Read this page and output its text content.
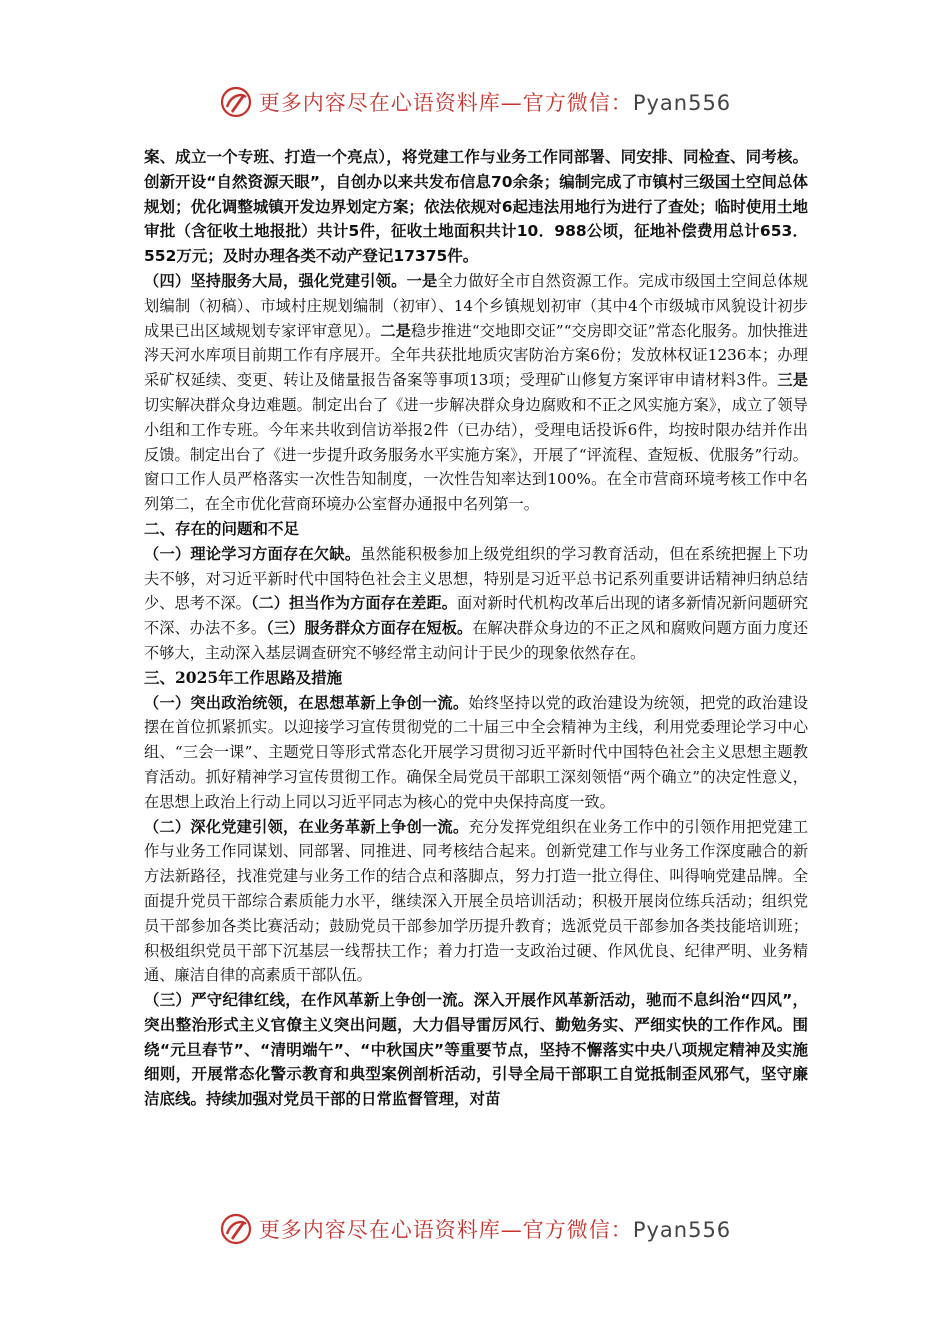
更多内容尽在心语资料库—官方微信：Pyan556

案、成立一个专班、打造一个亮点），将党建工作与业务工作同部署、同安排、同检查、同考核。创新开设“自然资源天眼”，自创办以来共发布信息70余条；编制完成了市镇村三级国土空间总体规划；优化调整城镇开发边界划定方案；依法依规对6起违法用地行为进行了查处；临时使用土地审批（含征收土地报批）共计5件，征收土地面积共计10．988公顷，征地补偿费用总计653．552万元；及时办理各类不动产登记17375件。

（四）坚持服务大局，强化党建引领。一是全力做好全市自然资源工作。完成市级国土空间总体规划编制（初稿）、市域村庄规划编制（初审）、14个乡镇规划初审（其中4个市级城市风貌设计初步成果已出区域规划专家评审意见）。二是稳步推进“交地即交证”“交房即交证”常态化服务。加快推进涔天河水库项目前期工作有序展开。全年共获批地质灾害防治方案6份；发放林权证1236本；办理采矿权延续、变更、转让及储量报告备案等事项13项；受理矿山修复方案评审申请材料3件。三是切实解决群众身边难题。制定出台了《进一步解决群众身边腐败和不正之风实施方案》，成立了领导小组和工作专班。今年来共收到信访举报2件（已办结），受理电话投诉6件，均按时限办结并作出反馈。制定出台了《进一步提升政务服务水平实施方案》，开展了“评流程、查短板、优服务”行动。窗口工作人员严格落实一次性告知制度，一次性告知率达到100%。在全市营商环境考核工作中名列第二，在全市优化营商环境办公室督办通报中名列第一。

二、存在的问题和不足

（一）理论学习方面存在欠缺。虽然能积极参加上级党组织的学习教育活动，但在系统把握上下功夫不够，对习近平新时代中国特色社会主义思想，特别是习近平总书记系列重要讲话精神归纳总结少、思考不深。（二）担当作为方面存在差距。面对新时代机构改革后出现的诸多新情况新问题研究不深、办法不多。（三）服务群众方面存在短板。在解决群众身边的不正之风和腐败问题方面力度还不够大，主动深入基层调查研究不够经常主动问计于民少的现象依然存在。

三、2025年工作思路及措施

（一）突出政治统领，在思想革新上争创一流。始终坚持以党的政治建设为统领，把党的政治建设摆在首位抓紧抓实。以迎接学习宣传贯彻党的二十届三中全会精神为主线，利用党委理论学习中心组、“三会一课”、主题党日等形式常态化开展学习贯彻习近平新时代中国特色社会主义思想主题教育活动。抓好精神学习宣传贯彻工作。确保全局党员干部职工深刻领悟“两个确立”的决定性意义，在思想上政治上行动上同以习近平同志为核心的党中央保持高度一致。

（二）深化党建引领，在业务革新上争创一流。充分发挥党组织在业务工作中的引领作用把党建工作与业务工作同谋划、同部署、同推进、同考核结合起来。创新党建工作与业务工作深度融合的新方法新路径，找准党建与业务工作的结合点和落脚点，努力打造一批立得住、叫得响党建品牌。全面提升党员干部综合素质能力水平，继续深入开展全员培训活动；积极开展岗位练兵活动；组织党员干部参加各类比赛活动；鼓励党员干部参加学历提升教育；选派党员干部参加各类技能培训班；积极组织党员干部下沉基层一线帮扶工作；着力打造一支政治过硬、作风优良、纪律严明、业务精通、廉洁自律的高素质干部队伍。

（三）严守纪律红线，在作风革新上争创一流。深入开展作风革新活动，驰而不息纠治“四风”，突出整治形式主义官僚主义突出问题，大力倡导雷厉风行、勤勉务实、严细实快的工作作风。围绕“元旦春节”、“清明端午”、“中秋国庆”等重要节点，坚持不懈落实中央八项规定精神及实施细则，开展常态化警示教育和典型案例剖析活动，引导全局干部职工自觉抵制歪风邪气，坚守廉洁底线。持续加强对党员干部的日常监督管理，对苗

更多内容尽在心语资料库—官方微信：Pyan556
